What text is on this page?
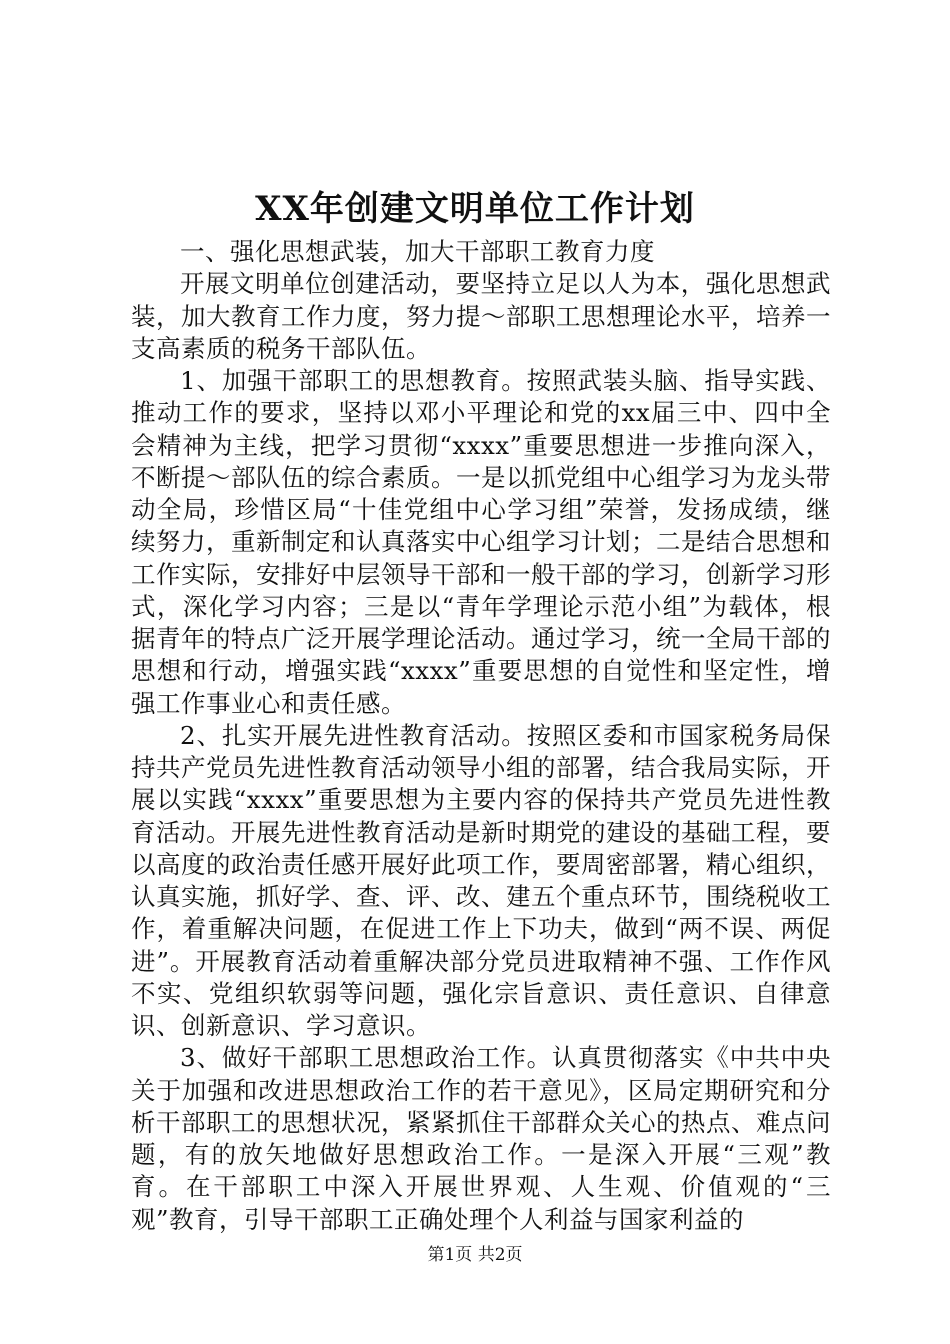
XX年创建文明单位工作计划

一、强化思想武装，加大干部职工教育力度

开展文明单位创建活动，要坚持立足以人为本，强化思想武装，加大教育工作力度，努力提～部职工思想理论水平，培养一支高素质的税务干部队伍。

1、加强干部职工的思想教育。按照武装头脑、指导实践、推动工作的要求，坚持以邓小平理论和党的xx届三中、四中全会精神为主线，把学习贯彻“xxxx”重要思想进一步推向深入，不断提～部队伍的综合素质。一是以抓党组中心组学习为龙头带动全局，珍惜区局“十佳党组中心学习组”荣誉，发扬成绩，继续努力，重新制定和认真落实中心组学习计划；二是结合思想和工作实际，安排好中层领导干部和一般干部的学习，创新学习形式，深化学习内容；三是以“青年学理论示范小组”为载体，根据青年的特点广泛开展学理论活动。通过学习，统一全局干部的思想和行动，增强实践“xxxx”重要思想的自觉性和坚定性，增强工作事业心和责任感。

2、扎实开展先进性教育活动。按照区委和市国家税务局保持共产党员先进性教育活动领导小组的部署，结合我局实际，开展以实践“xxxx”重要思想为主要内容的保持共产党员先进性教育活动。开展先进性教育活动是新时期党的建设的基础工程，要以高度的政治责任感开展好此项工作，要周密部署，精心组织，认真实施，抓好学、查、评、改、建五个重点环节，围绕税收工作，着重解决问题，在促进工作上下功夫，做到“两不误、两促进”。开展教育活动着重解决部分党员进取精神不强、工作作风不实、党组织软弱等问题，强化宗旨意识、责任意识、自律意识、创新意识、学习意识。

3、做好干部职工思想政治工作。认真贯彻落实《中共中央关于加强和改进思想政治工作的若干意见》，区局定期研究和分析干部职工的思想状况，紧紧抓住干部群众关心的热点、难点问题，有的放矢地做好思想政治工作。一是深入开展“三观”教育。在干部职工中深入开展世界观、人生观、价值观的“三观”教育，引导干部职工正确处理个人利益与国家利益的

第1页 共2页
